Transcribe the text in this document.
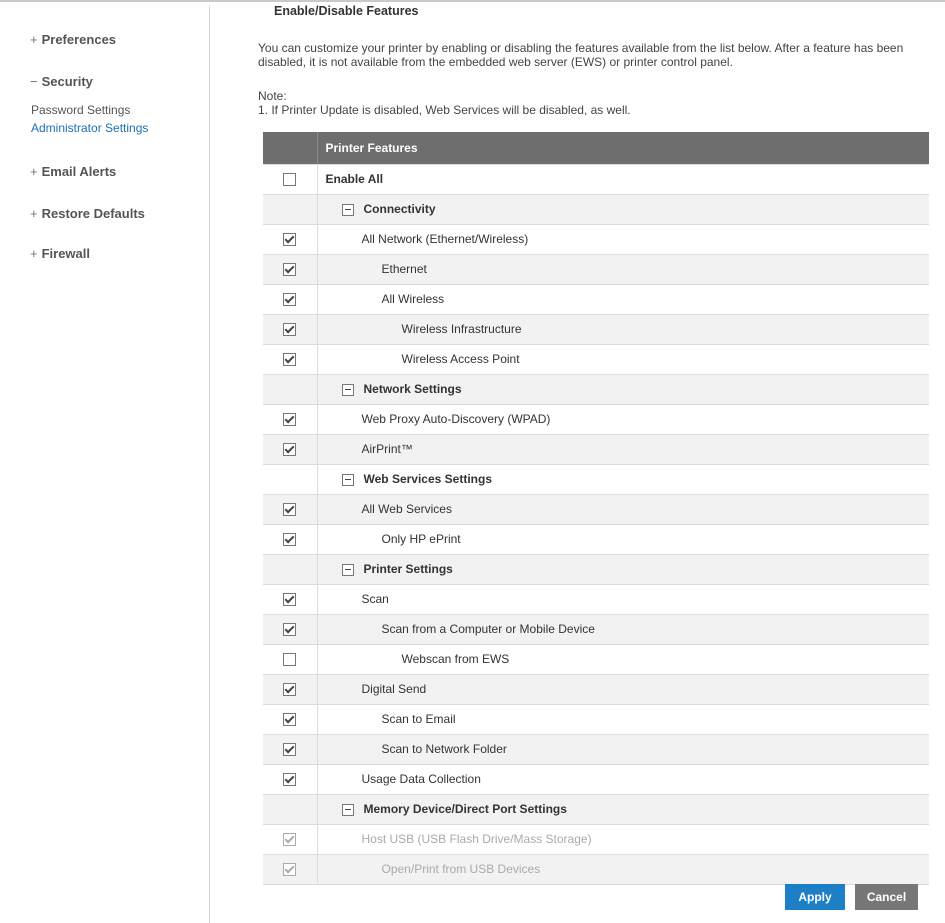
+ Preferences
− Security
Password Settings
Administrator Settings
+ Email Alerts
+ Restore Defaults
+ Firewall
Enable/Disable Features
You can customize your printer by enabling or disabling the features available from the list below. After a feature has been disabled, it is not available from the embedded web server (EWS) or printer control panel.
Note:
1. If Printer Update is disabled, Web Services will be disabled, as well.
	Printer Features
	Enable All
	Connectivity
	All Network (Ethernet/Wireless)
	Ethernet
	All Wireless
	Wireless Infrastructure
	Wireless Access Point
	Network Settings
	Web Proxy Auto-Discovery (WPAD)
	AirPrint™
	Web Services Settings
	All Web Services
	Only HP ePrint
	Printer Settings
	Scan
	Scan from a Computer or Mobile Device
	Webscan from EWS
	Digital Send
	Scan to Email
	Scan to Network Folder
	Usage Data Collection
	Memory Device/Direct Port Settings
	Host USB (USB Flash Drive/Mass Storage)
	Open/Print from USB Devices
Apply	Cancel
